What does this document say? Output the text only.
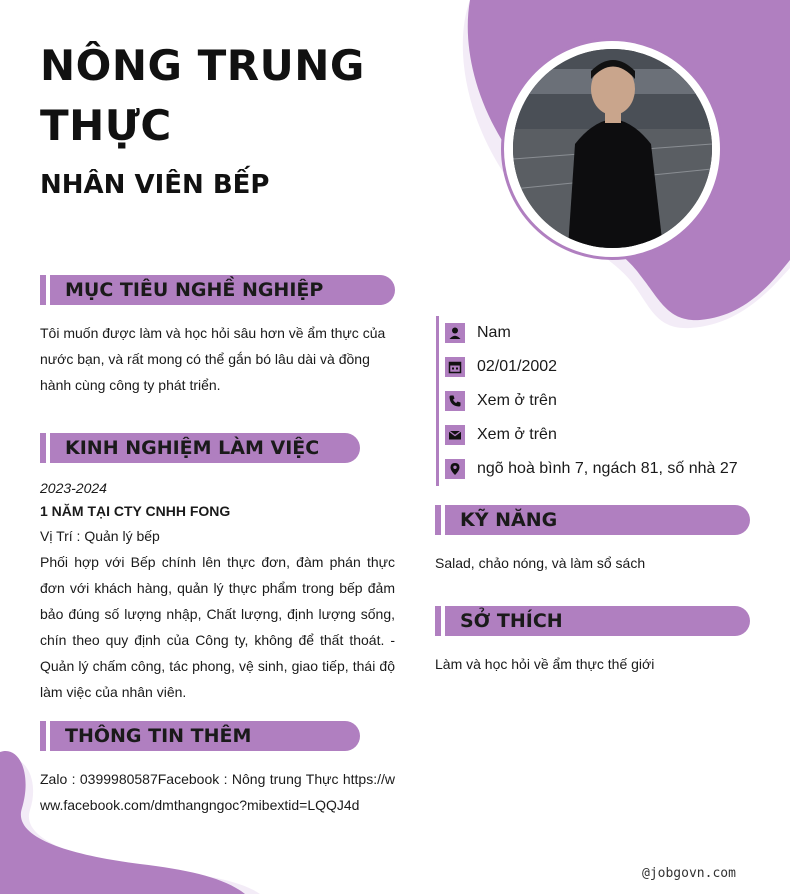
NÔNG TRUNG THỰC
NHÂN VIÊN BẾP
MỤC TIÊU NGHỀ NGHIỆP

Tôi muốn được làm và học hỏi sâu hơn về ẩm thực của nước bạn, và rất mong có thể gắn bó lâu dài và đồng hành cùng công ty phát triển.

KINH NGHIỆM LÀM VIỆC
2023-2024
1 NĂM TẠI CTY CNHH FONG
Vị Trí : Quản lý bếp

Phối hợp với Bếp chính lên thực đơn, đàm phán thực đơn với khách hàng, quản lý thực phẩm trong bếp đảm bảo đúng số lượng nhập, Chất lượng, định lượng sống, chín theo quy định của Công ty, không để thất thoát. - Quản lý chấm công, tác phong, vệ sinh, giao tiếp, thái độ làm việc của nhân viên.

THÔNG TIN THÊM

Zalo : 0399980587Facebook : Nông trung Thực https://www.facebook.com/dmthangngoc?mibextid=LQQJ4d

Nam
02/01/2002
Xem ở trên
Xem ở trên
ngõ hoà bình 7, ngách 81, số nhà 27
KỸ NĂNG

Salad, chảo nóng, và làm sổ sách

SỞ THÍCH

Làm và học hỏi về ẩm thực thế giới

@jobgovn.com
